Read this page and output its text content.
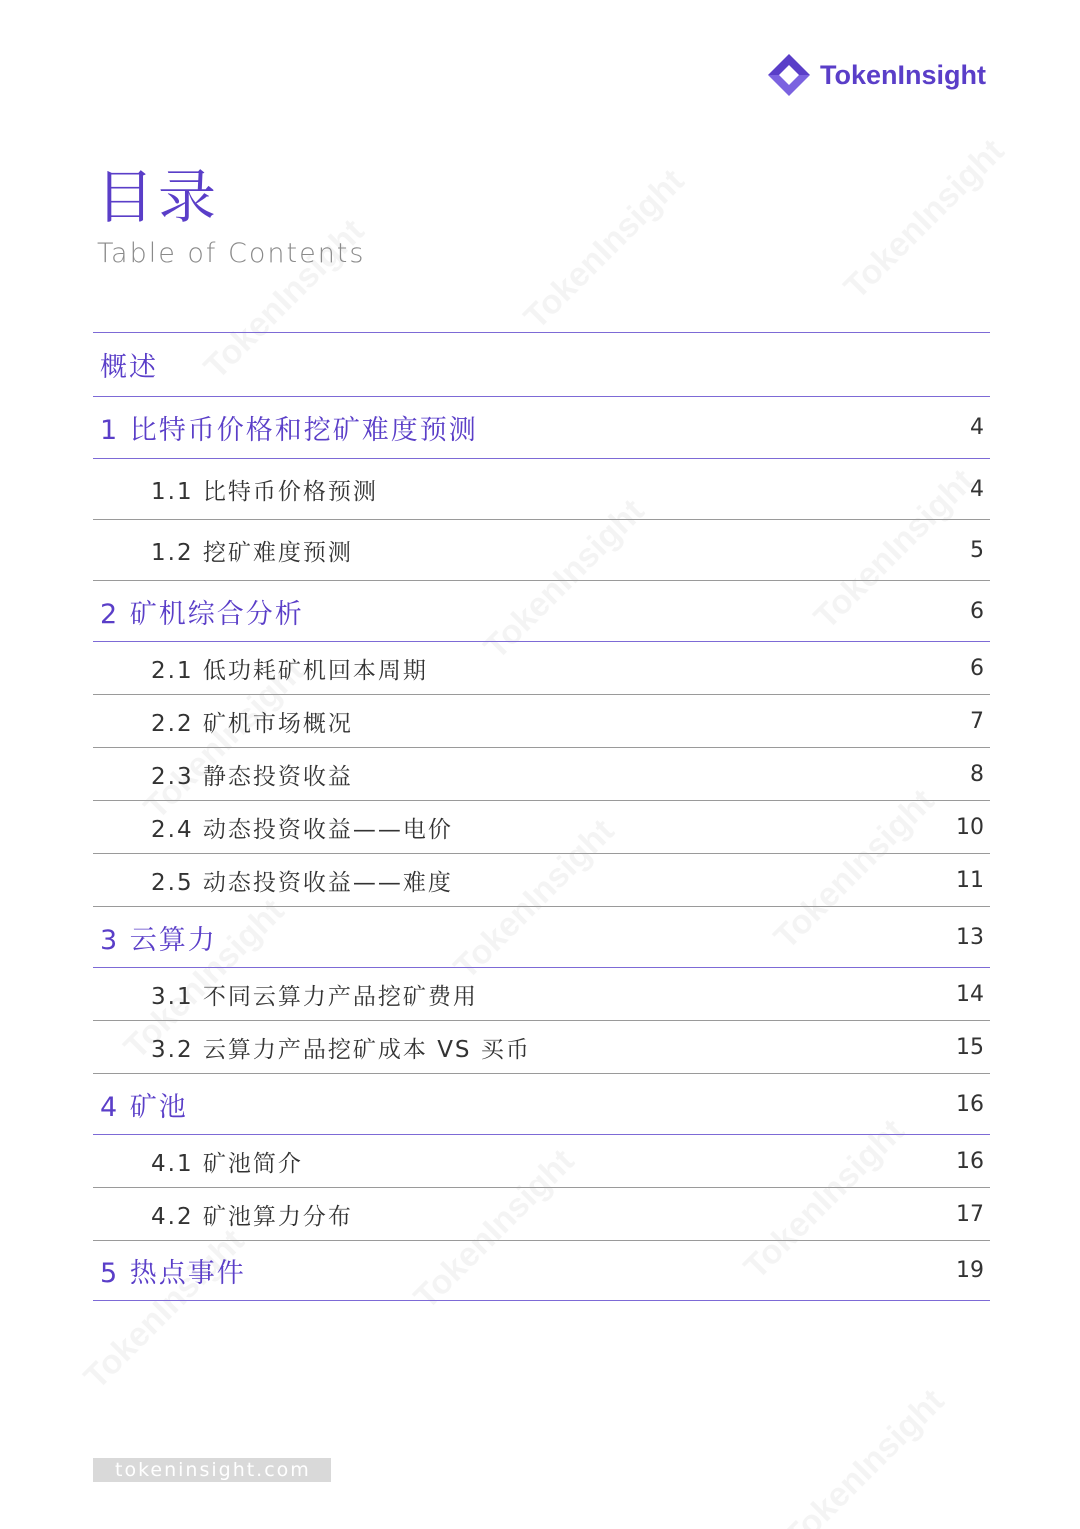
TokenInsight
目录
Table of Contents
概述
1 比特币价格和挖矿难度预测	4
1.1 比特币价格预测	4
1.2 挖矿难度预测	5
2 矿机综合分析	6
2.1 低功耗矿机回本周期	6
2.2 矿机市场概况	7
2.3 静态投资收益	8
2.4 动态投资收益——电价	10
2.5 动态投资收益——难度	11
3 云算力	13
3.1 不同云算力产品挖矿费用	14
3.2 云算力产品挖矿成本 VS 买币	15
4 矿池	16
4.1 矿池简介	16
4.2 矿池算力分布	17
5 热点事件	19
tokeninsight.com
